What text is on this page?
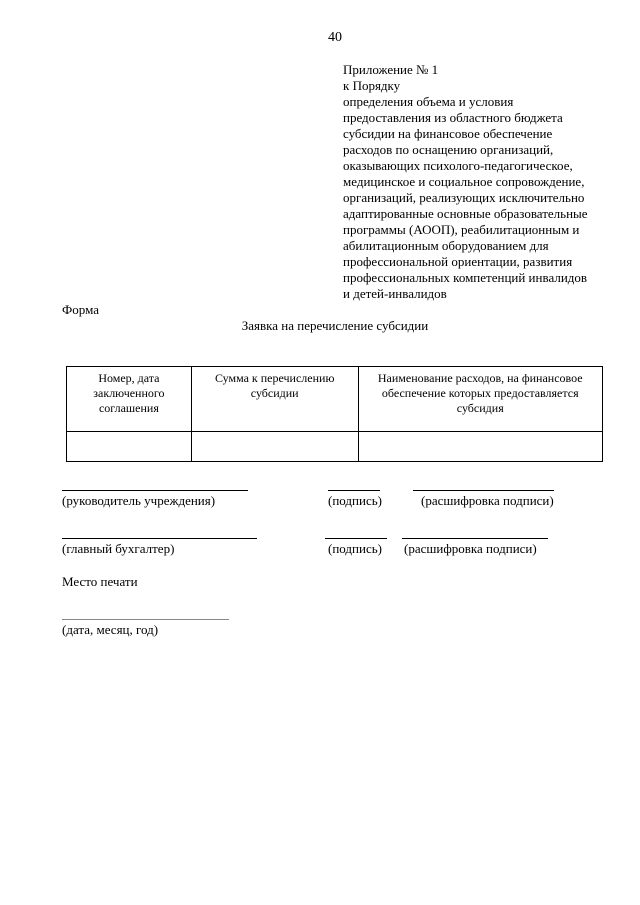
40
Приложение № 1
к Порядку
определения объема и условия
предоставления из областного бюджета
субсидии на финансовое обеспечение
расходов по оснащению организаций,
оказывающих психолого-педагогическое,
медицинское и социальное сопровождение,
организаций, реализующих исключительно
адаптированные основные образовательные
программы (АООП), реабилитационным и
абилитационным оборудованием для
профессиональной ориентации, развития
профессиональных компетенций инвалидов
и детей-инвалидов
Форма
Заявка на перечисление субсидии
Номер, дата заключенного соглашения	Сумма к перечислению субсидии	Наименование расходов, на финансовое обеспечение которых предоставляется субсидия

(руководитель учреждения)	(подпись)	(расшифровка подписи)
(главный бухгалтер)	(подпись) (расшифровка подписи)
Место печати
(дата, месяц, год)
